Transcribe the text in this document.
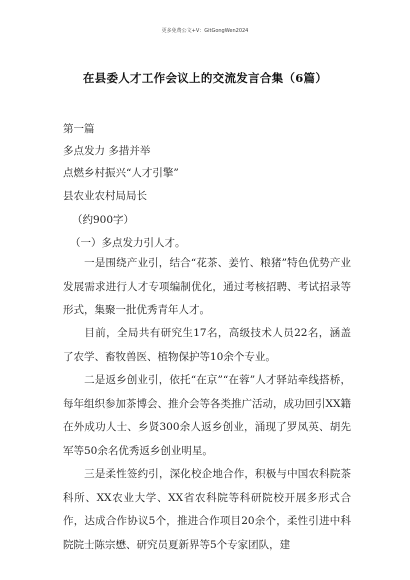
更多免费公文+V：GitGongWen2024
在县委人才工作会议上的交流发言合集（6篇）
第一篇
多点发力 多措并举
点燃乡村振兴“人才引擎”
县农业农村局局长
（约900字）
（一）多点发力引人才。
一是围绕产业引，结合“花茶、姜竹、粮猪”特色优势产业发展需求进行人才专项编制优化，通过考核招聘、考试招录等形式，集聚一批优秀青年人才。
目前，全局共有研究生17名，高级技术人员22名，涵盖了农学、畜牧兽医、植物保护等10余个专业。
二是返乡创业引，依托“在京”“在蓉”人才驿站牵线搭桥，每年组织参加茶博会、推介会等各类推广活动，成功回引XX籍在外成功人士、乡贤300余人返乡创业，涌现了罗凤英、胡先军等50余名优秀返乡创业明星。
三是柔性签约引，深化校企地合作，积极与中国农科院茶科所、XX农业大学、XX省农科院等科研院校开展多形式合作，达成合作协议5个，推进合作项目20余个，柔性引进中科院院士陈宗懋、研究员夏新界等5个专家团队，建
